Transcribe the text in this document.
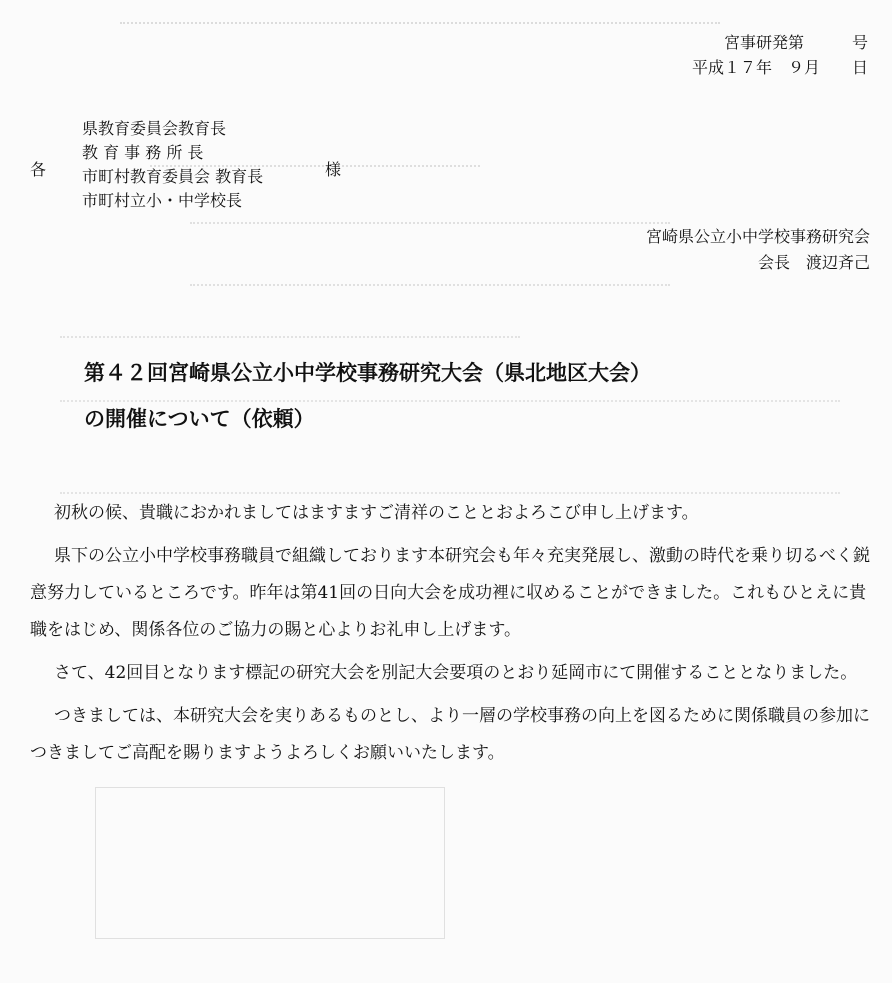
宮事研発第　　　号
平成１７年　９月　　日
各
県教育委員会教育長
教 育 事 務 所 長
市町村教育委員会 教育長
市町村立小・中学校長
様
宮崎県公立小中学校事務研究会
会長　渡辺斉己
第４２回宮崎県公立小中学校事務研究大会（県北地区大会）
の開催について（依頼）

初秋の候、貴職におかれましてはますますご清祥のこととおよろこび申し上げます。

県下の公立小中学校事務職員で組織しております本研究会も年々充実発展し、激動の時代を乗り切るべく鋭意努力しているところです。昨年は第41回の日向大会を成功裡に収めることができました。これもひとえに貴職をはじめ、関係各位のご協力の賜と心よりお礼申し上げます。

さて、42回目となります標記の研究大会を別記大会要項のとおり延岡市にて開催することとなりました。

つきましては、本研究大会を実りあるものとし、より一層の学校事務の向上を図るために関係職員の参加につきましてご高配を賜りますようよろしくお願いいたします。
